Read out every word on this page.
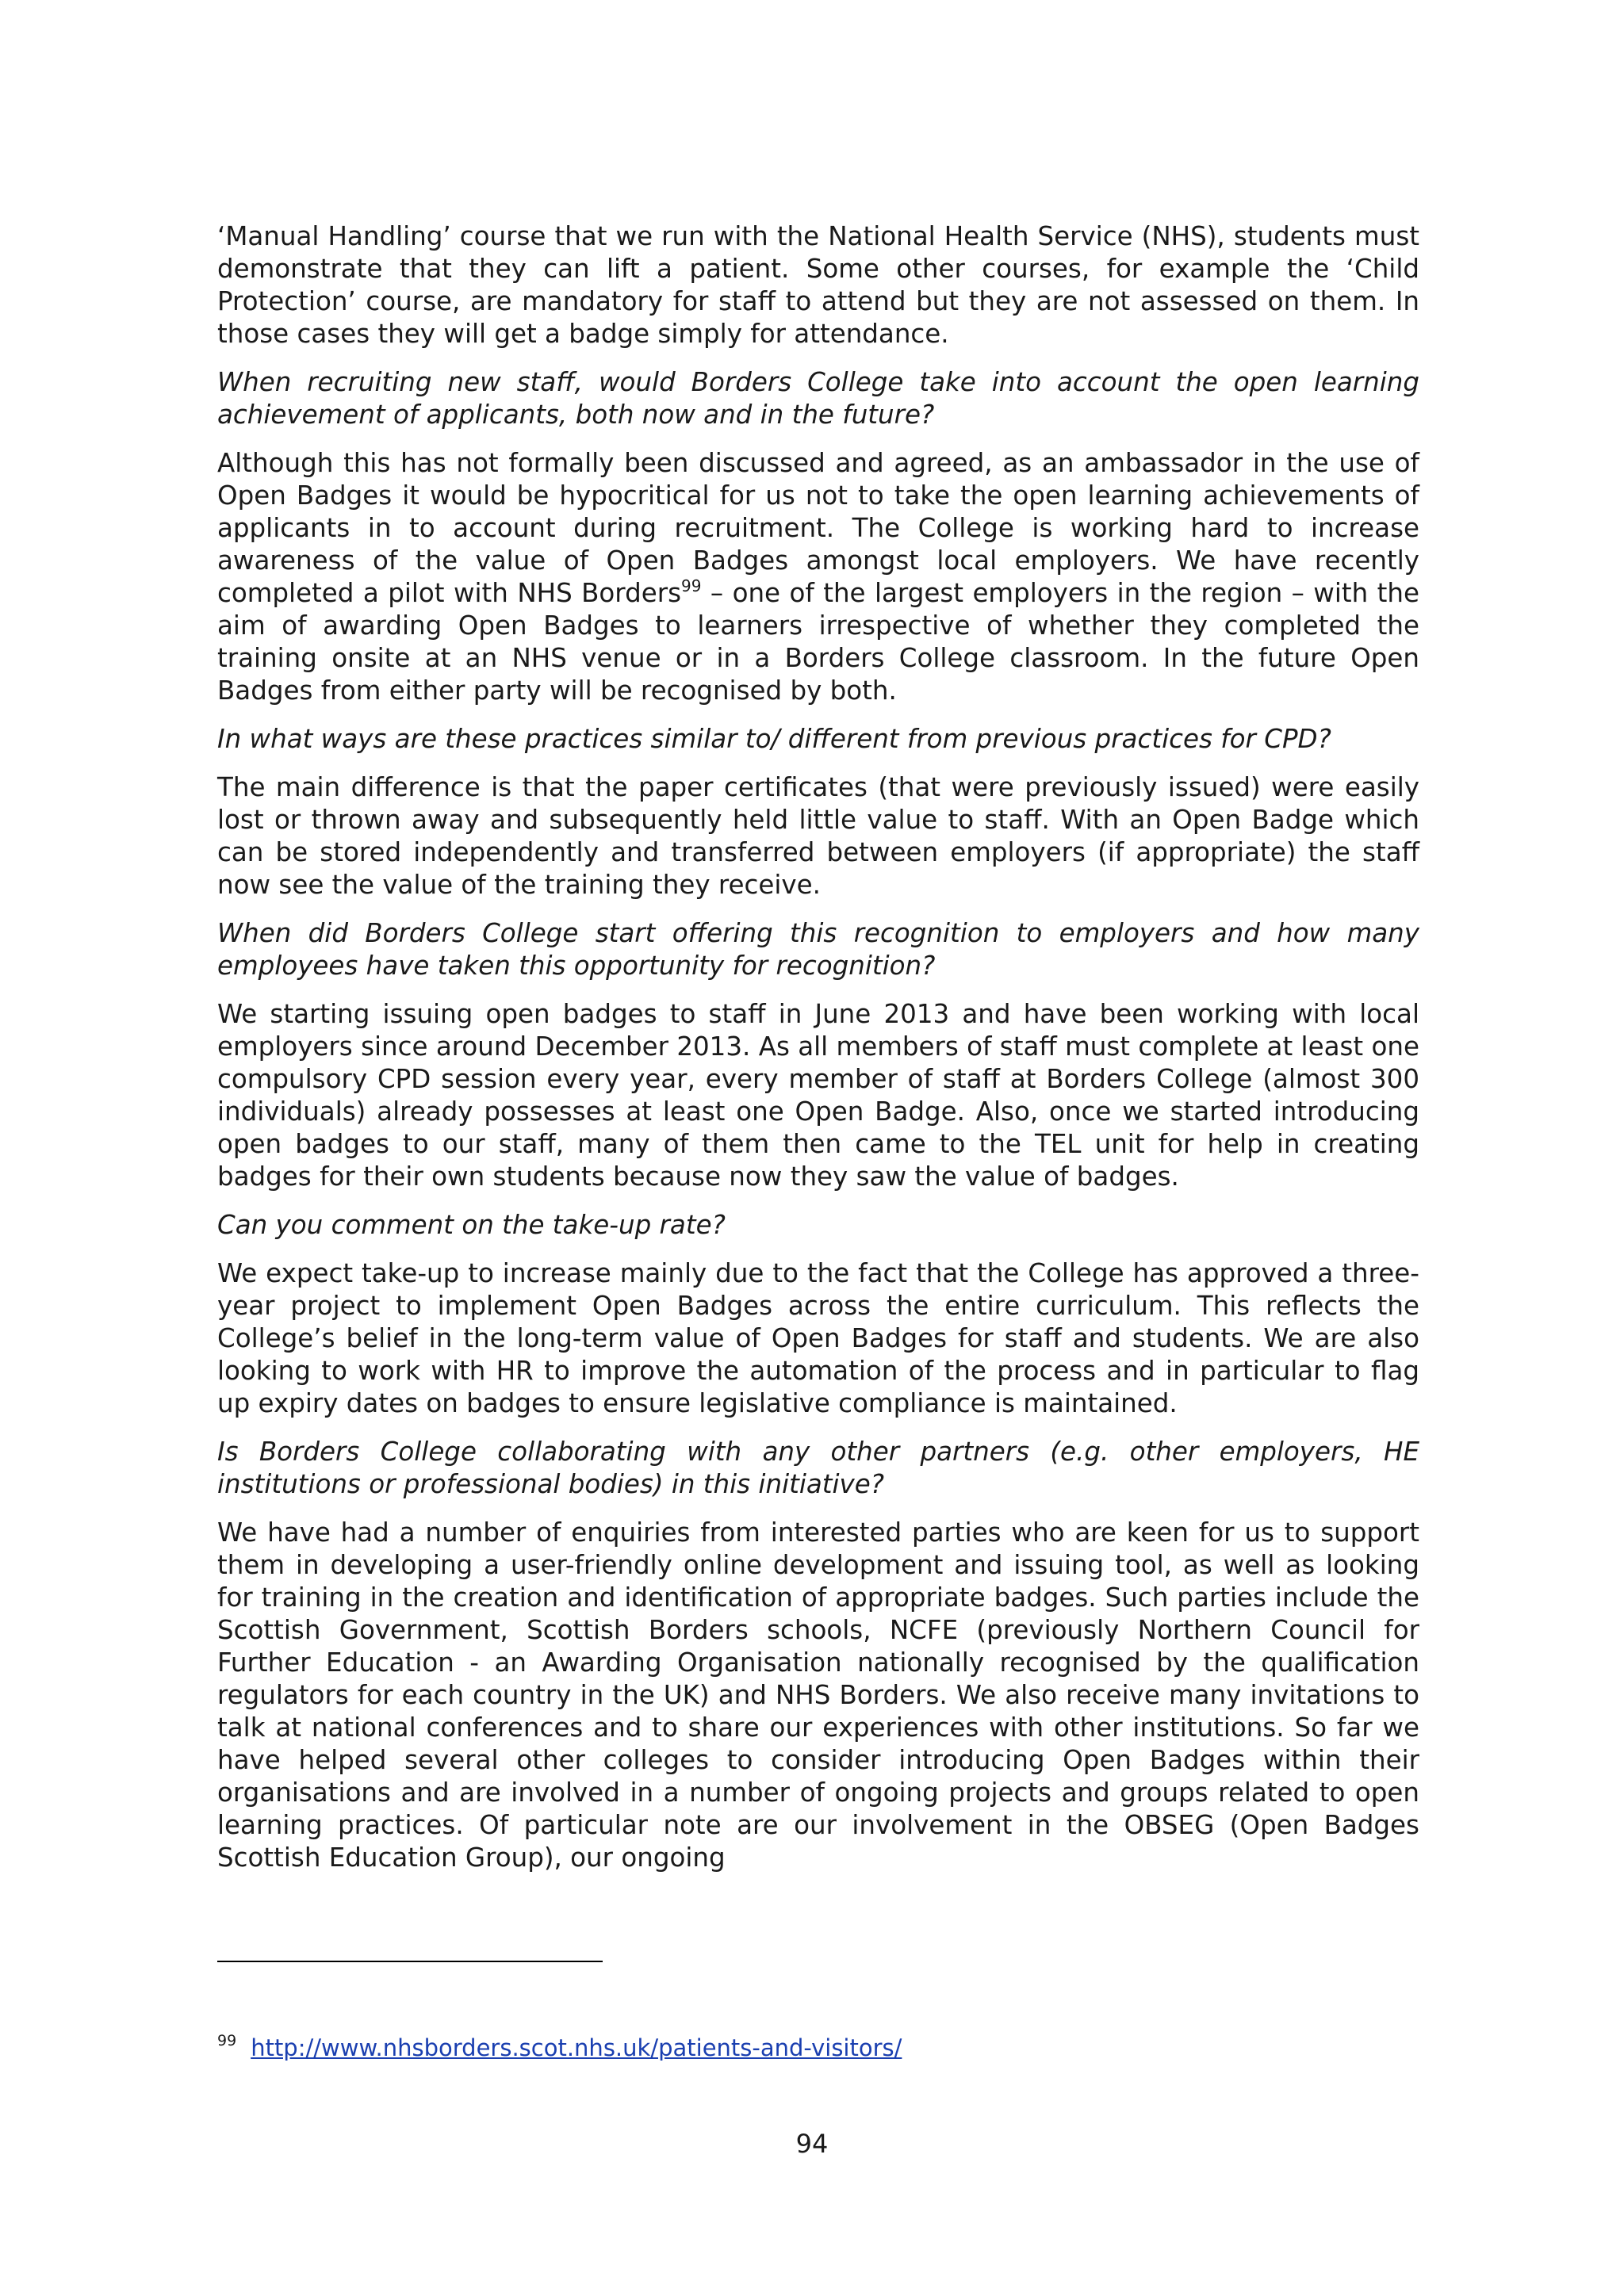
‘Manual Handling’ course that we run with the National Health Service (NHS), students must demonstrate that they can lift a patient. Some other courses, for example the ‘Child Protection’ course, are mandatory for staff to attend but they are not assessed on them. In those cases they will get a badge simply for attendance.

When recruiting new staff, would Borders College take into account the open learning achievement of applicants, both now and in the future?

Although this has not formally been discussed and agreed, as an ambassador in the use of Open Badges it would be hypocritical for us not to take the open learning achievements of applicants in to account during recruitment. The College is working hard to increase awareness of the value of Open Badges amongst local employers. We have recently completed a pilot with NHS Borders$^{99}$ – one of the largest employers in the region – with the aim of awarding Open Badges to learners irrespective of whether they completed the training onsite at an NHS venue or in a Borders College classroom. In the future Open Badges from either party will be recognised by both.

In what ways are these practices similar to/ different from previous practices for CPD?

The main difference is that the paper certificates (that were previously issued) were easily lost or thrown away and subsequently held little value to staff. With an Open Badge which can be stored independently and transferred between employers (if appropriate) the staff now see the value of the training they receive.

When did Borders College start offering this recognition to employers and how many employees have taken this opportunity for recognition?

We starting issuing open badges to staff in June 2013 and have been working with local employers since around December 2013. As all members of staff must complete at least one compulsory CPD session every year, every member of staff at Borders College (almost 300 individuals) already possesses at least one Open Badge. Also, once we started introducing open badges to our staff, many of them then came to the TEL unit for help in creating badges for their own students because now they saw the value of badges.

Can you comment on the take-up rate?

We expect take-up to increase mainly due to the fact that the College has approved a three-year project to implement Open Badges across the entire curriculum. This reflects the College’s belief in the long-term value of Open Badges for staff and students. We are also looking to work with HR to improve the automation of the process and in particular to flag up expiry dates on badges to ensure legislative compliance is maintained.

Is Borders College collaborating with any other partners (e.g. other employers, HE institutions or professional bodies) in this initiative?

We have had a number of enquiries from interested parties who are keen for us to support them in developing a user-friendly online development and issuing tool, as well as looking for training in the creation and identification of appropriate badges. Such parties include the Scottish Government, Scottish Borders schools, NCFE (previously Northern Council for Further Education - an Awarding Organisation nationally recognised by the qualification regulators for each country in the UK) and NHS Borders. We also receive many invitations to talk at national conferences and to share our experiences with other institutions. So far we have helped several other colleges to consider introducing Open Badges within their organisations and are involved in a number of ongoing projects and groups related to open learning practices. Of particular note are our involvement in the OBSEG (Open Badges Scottish Education Group), our ongoing

$^{99}$ http://www.nhsborders.scot.nhs.uk/patients-and-visitors/
94
